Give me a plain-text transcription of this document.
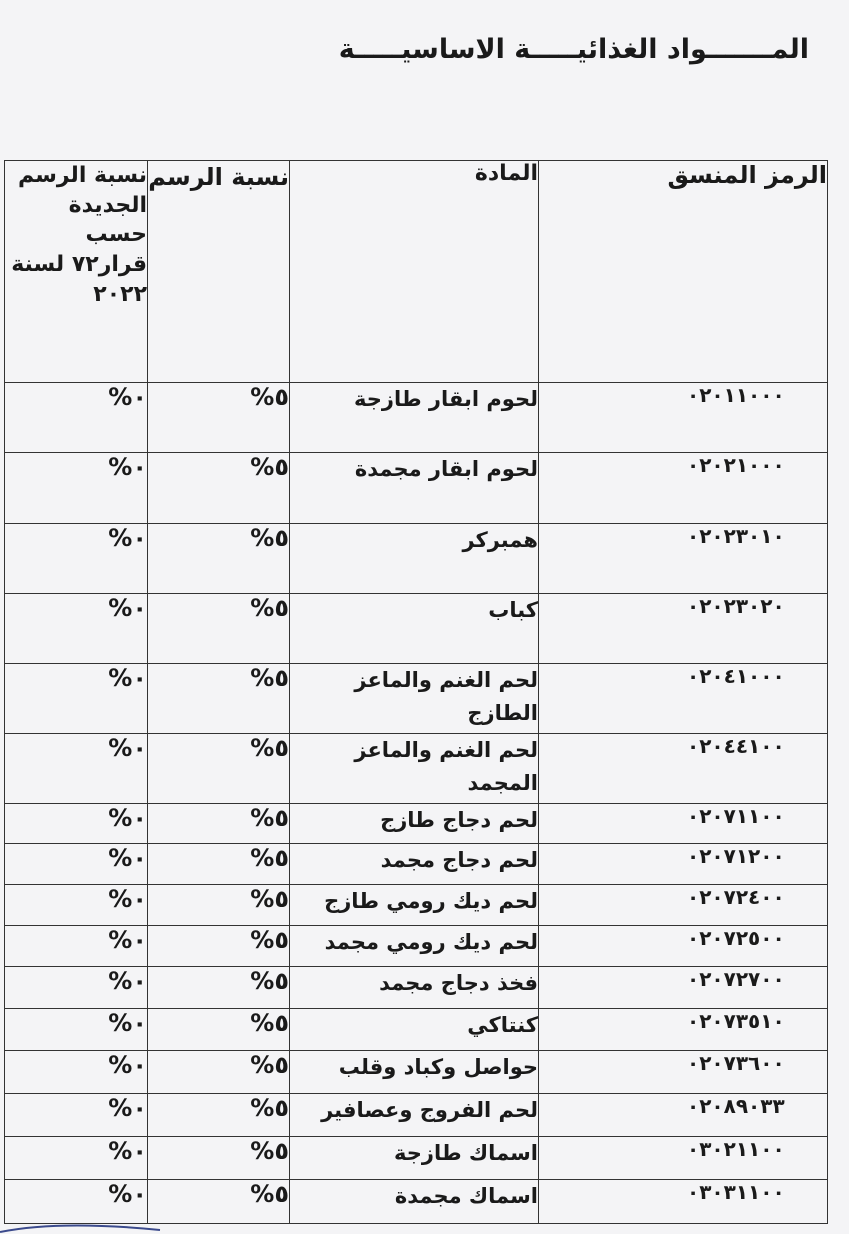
المـــــــواد الغذائيـــــة الاساسيـــــة
الرمز المنسق	المادة	نسبة الرسم	نسبة الرسم الجديدة حسب قرار٧٢ لسنة ٢٠٢٢
٠٢٠١١٠٠٠	لحوم ابقار طازجة	٥%	٠%
٠٢٠٢١٠٠٠	لحوم ابقار مجمدة	٥%	٠%
٠٢٠٢٣٠١٠	همبركر	٥%	٠%
٠٢٠٢٣٠٢٠	كباب	٥%	٠%
٠٢٠٤١٠٠٠	لحم الغنم والماعز الطازج	٥%	٠%
٠٢٠٤٤١٠٠	لحم الغنم والماعز المجمد	٥%	٠%
٠٢٠٧١١٠٠	لحم دجاج طازج	٥%	٠%
٠٢٠٧١٢٠٠	لحم دجاج مجمد	٥%	٠%
٠٢٠٧٢٤٠٠	لحم ديك رومي طازج	٥%	٠%
٠٢٠٧٢٥٠٠	لحم ديك رومي مجمد	٥%	٠%
٠٢٠٧٢٧٠٠	فخذ دجاج مجمد	٥%	٠%
٠٢٠٧٣٥١٠	كنتاكي	٥%	٠%
٠٢٠٧٣٦٠٠	حواصل وكباد وقلب	٥%	٠%
٠٢٠٨٩٠٣٣	لحم الفروج وعصافير	٥%	٠%
٠٣٠٢١١٠٠	اسماك طازجة	٥%	٠%
٠٣٠٣١١٠٠	اسماك مجمدة	٥%	٠%
